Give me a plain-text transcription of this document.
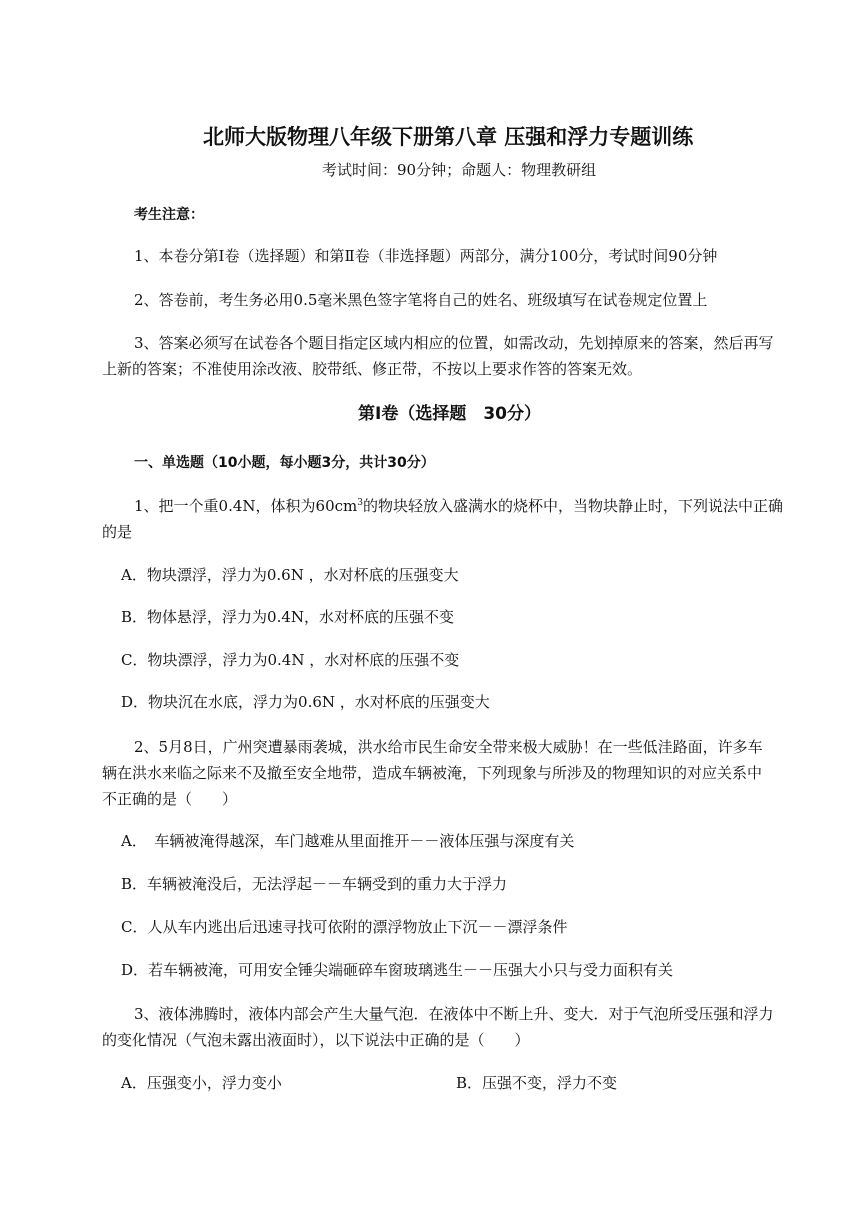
北师大版物理八年级下册第八章 压强和浮力专题训练
考试时间：90分钟；命题人：物理教研组
考生注意：
1、本卷分第Ⅰ卷（选择题）和第Ⅱ卷（非选择题）两部分，满分100分，考试时间90分钟
2、答卷前，考生务必用0.5毫米黑色签字笔将自己的姓名、班级填写在试卷规定位置上
3、答案必须写在试卷各个题目指定区域内相应的位置，如需改动，先划掉原来的答案，然后再写
上新的答案；不准使用涂改液、胶带纸、修正带，不按以上要求作答的答案无效。
第Ⅰ卷（选择题　30分）
一、单选题（10小题，每小题3分，共计30分）
1、把一个重0.4N，体积为$60cm^3$的物块轻放入盛满水的烧杯中，当物块静止时，下列说法中正确
的是
A．物块漂浮，浮力为0.6N ，水对杯底的压强变大
B．物体悬浮，浮力为0.4N，水对杯底的压强不变
C．物块漂浮，浮力为0.4N ，水对杯底的压强不变
D．物块沉在水底，浮力为0.6N ，水对杯底的压强变大
2、5月8日，广州突遭暴雨袭城，洪水给市民生命安全带来极大威胁！在一些低洼路面，许多车
辆在洪水来临之际来不及撤至安全地带，造成车辆被淹，下列现象与所涉及的物理知识的对应关系中
不正确的是（　　）
A．　车辆被淹得越深，车门越难从里面推开－－液体压强与深度有关
B．车辆被淹没后，无法浮起－－车辆受到的重力大于浮力
C．人从车内逃出后迅速寻找可依附的漂浮物放止下沉－－漂浮条件
D．若车辆被淹，可用安全锤尖端砸碎车窗玻璃逃生－－压强大小只与受力面积有关
3、液体沸腾时，液体内部会产生大量气泡．在液体中不断上升、变大．对于气泡所受压强和浮力
的变化情况（气泡未露出液面时），以下说法中正确的是（　　）
A．压强变小，浮力变小	B．压强不变，浮力不变
